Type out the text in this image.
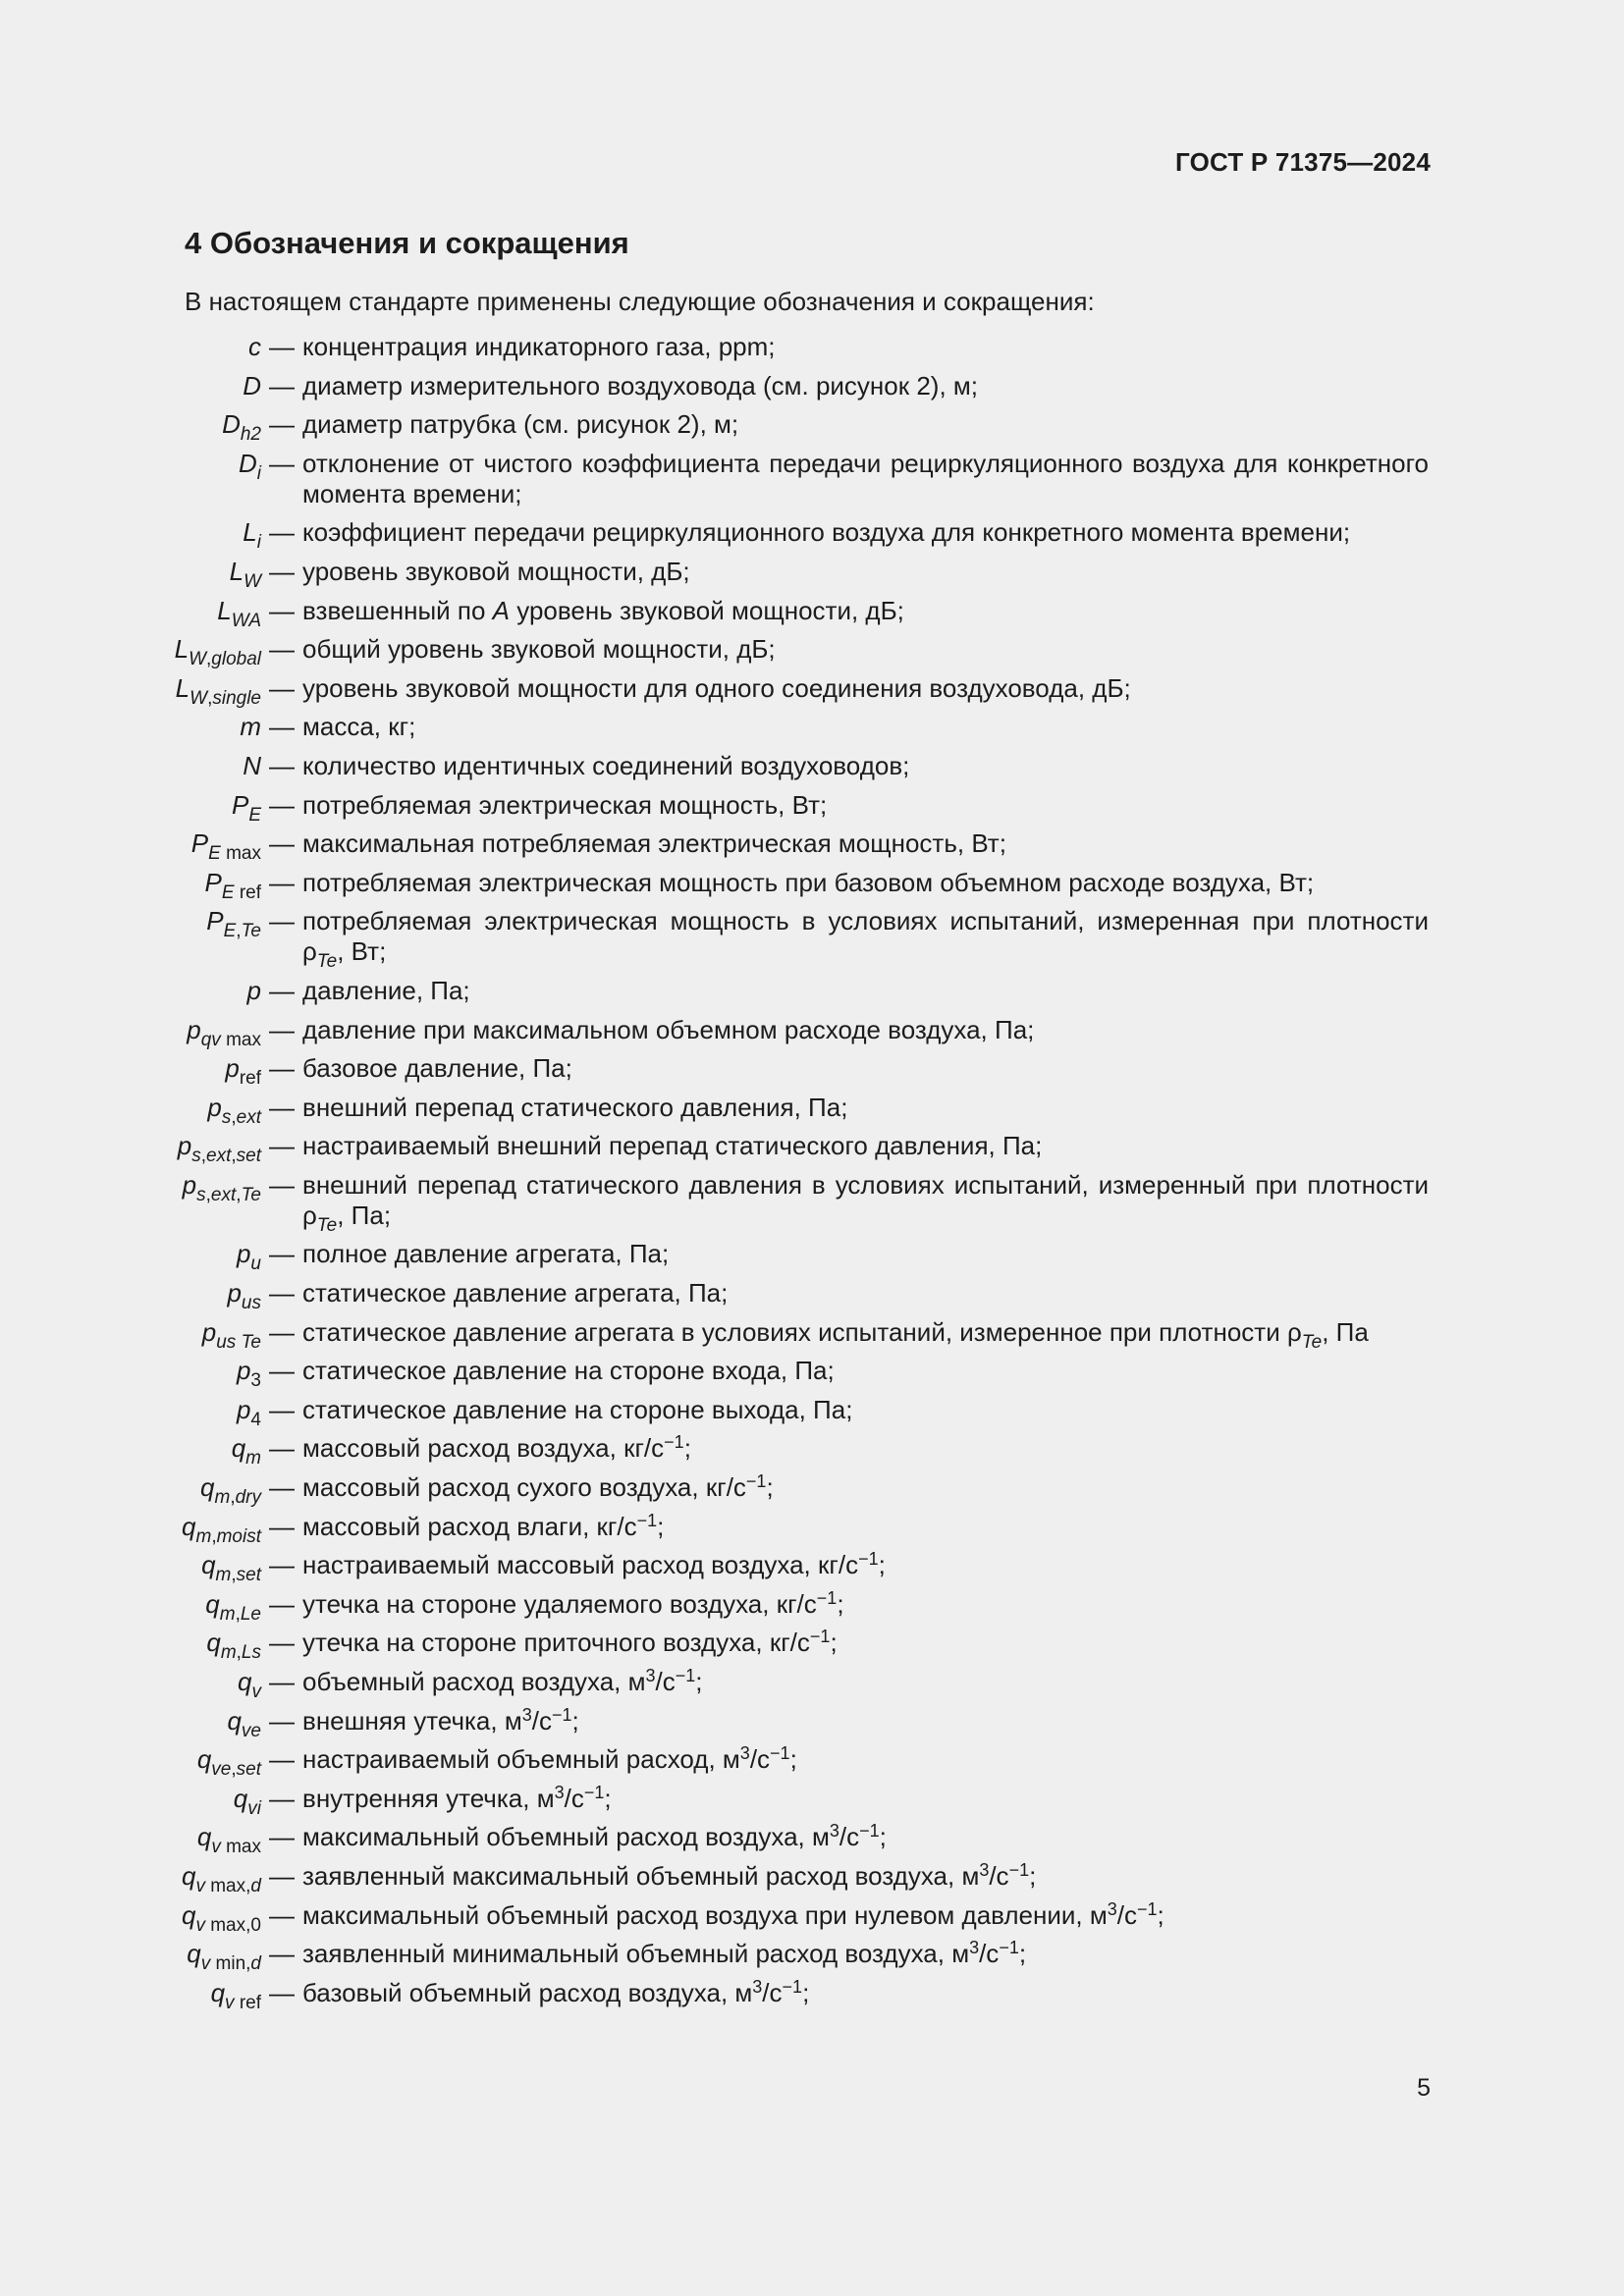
ГОСТ Р 71375—2024
4 Обозначения и сокращения
В настоящем стандарте применены следующие обозначения и сокращения:
c — концентрация индикаторного газа, ppm;
D — диаметр измерительного воздуховода (см. рисунок 2), м;
$D_{h2}$ — диаметр патрубка (см. рисунок 2), м;
$D_i$ — отклонение от чистого коэффициента передачи рециркуляционного воздуха для конкретного момента времени;
$L_i$ — коэффициент передачи рециркуляционного воздуха для конкретного момента времени;
$L_W$ — уровень звуковой мощности, дБ;
$L_{WA}$ — взвешенный по A уровень звуковой мощности, дБ;
$L_{W,global}$ — общий уровень звуковой мощности, дБ;
$L_{W,single}$ — уровень звуковой мощности для одного соединения воздуховода, дБ;
m — масса, кг;
N — количество идентичных соединений воздуховодов;
$P_E$ — потребляемая электрическая мощность, Вт;
$P_{E max}$ — максимальная потребляемая электрическая мощность, Вт;
$P_{E ref}$ — потребляемая электрическая мощность при базовом объемном расходе воздуха, Вт;
$P_{E,Te}$ — потребляемая электрическая мощность в условиях испытаний, измеренная при плотности $\rho_{Te}$, Вт;
p — давление, Па;
$p_{qv max}$ — давление при максимальном объемном расходе воздуха, Па;
$p_{ref}$ — базовое давление, Па;
$p_{s,ext}$ — внешний перепад статического давления, Па;
$p_{s,ext,set}$ — настраиваемый внешний перепад статического давления, Па;
$p_{s,ext,Te}$ — внешний перепад статического давления в условиях испытаний, измеренный при плотности $\rho_{Te}$, Па;
$p_u$ — полное давление агрегата, Па;
$p_{us}$ — статическое давление агрегата, Па;
$p_{us Te}$ — статическое давление агрегата в условиях испытаний, измеренное при плотности $\rho_{Te}$, Па
$p_3$ — статическое давление на стороне входа, Па;
$p_4$ — статическое давление на стороне выхода, Па;
$q_m$ — массовый расход воздуха, $кг/с^{-1}$;
$q_{m,dry}$ — массовый расход сухого воздуха, $кг/с^{-1}$;
$q_{m,moist}$ — массовый расход влаги, $кг/с^{-1}$;
$q_{m,set}$ — настраиваемый массовый расход воздуха, $кг/с^{-1}$;
$q_{m,Le}$ — утечка на стороне удаляемого воздуха, $кг/с^{-1}$;
$q_{m,Ls}$ — утечка на стороне приточного воздуха, $кг/с^{-1}$;
$q_v$ — объемный расход воздуха, $м^3/с^{-1}$;
$q_{ve}$ — внешняя утечка, $м^3/с^{-1}$;
$q_{ve,set}$ — настраиваемый объемный расход, $м^3/с^{-1}$;
$q_{vi}$ — внутренняя утечка, $м^3/с^{-1}$;
$q_{v max}$ — максимальный объемный расход воздуха, $м^3/с^{-1}$;
$q_{v max,d}$ — заявленный максимальный объемный расход воздуха, $м^3/с^{-1}$;
$q_{v max,0}$ — максимальный объемный расход воздуха при нулевом давлении, $м^3/с^{-1}$;
$q_{v min,d}$ — заявленный минимальный объемный расход воздуха, $м^3/с^{-1}$;
$q_{v ref}$ — базовый объемный расход воздуха, $м^3/с^{-1}$;
5
